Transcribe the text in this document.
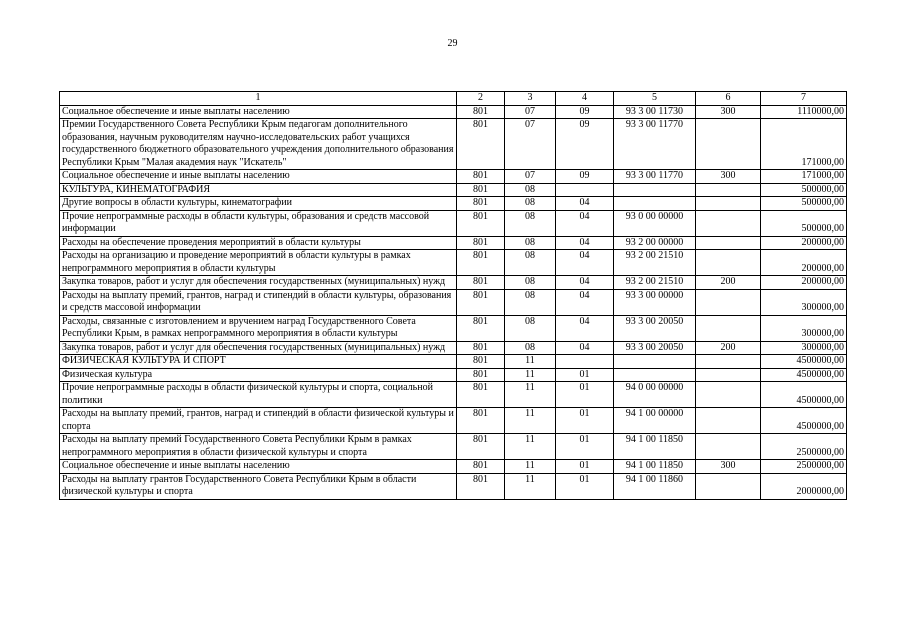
29
1	2	3	4	5	6	7
Социальное обеспечение и иные выплаты населению	801	07	09	93 3 00 11730	300	1110000,00
Премии Государственного Совета Республики Крым педагогам дополнительного образования, научным руководителям научно-исследовательских работ учащихся государственного бюджетного образовательного учреждения дополнительного образования Республики Крым "Малая академия наук "Искатель"	801	07	09	93 3 00 11770		171000,00
Социальное обеспечение и иные выплаты населению	801	07	09	93 3 00 11770	300	171000,00
КУЛЬТУРА, КИНЕМАТОГРАФИЯ	801	08				500000,00
Другие вопросы в области культуры, кинематографии	801	08	04			500000,00
Прочие непрограммные расходы в области культуры, образования и средств массовой информации	801	08	04	93 0 00 00000		500000,00
Расходы на обеспечение проведения мероприятий в области культуры	801	08	04	93 2 00 00000		200000,00
Расходы на организацию и проведение мероприятий в области культуры в рамках непрограммного мероприятия в области культуры	801	08	04	93 2 00 21510		200000,00
Закупка товаров, работ и услуг для обеспечения государственных (муниципальных) нужд	801	08	04	93 2 00 21510	200	200000,00
Расходы на выплату премий, грантов, наград и стипендий в области культуры, образования и средств массовой информации	801	08	04	93 3 00 00000		300000,00
Расходы, связанные с изготовлением и вручением наград Государственного Совета Республики Крым, в рамках непрограммного мероприятия в области культуры	801	08	04	93 3 00 20050		300000,00
Закупка товаров, работ и услуг для обеспечения государственных (муниципальных) нужд	801	08	04	93 3 00 20050	200	300000,00
ФИЗИЧЕСКАЯ КУЛЬТУРА И СПОРТ	801	11				4500000,00
Физическая культура	801	11	01			4500000,00
Прочие непрограммные расходы в области физической культуры и спорта, социальной политики	801	11	01	94 0 00 00000		4500000,00
Расходы на выплату премий, грантов, наград и стипендий в области физической культуры и спорта	801	11	01	94 1 00 00000		4500000,00
Расходы на выплату премий Государственного Совета Республики Крым в рамках непрограммного мероприятия в области физической культуры и спорта	801	11	01	94 1 00 11850		2500000,00
Социальное обеспечение и иные выплаты населению	801	11	01	94 1 00 11850	300	2500000,00
Расходы на выплату грантов Государственного Совета Республики Крым в области физической культуры и спорта	801	11	01	94 1 00 11860		2000000,00
